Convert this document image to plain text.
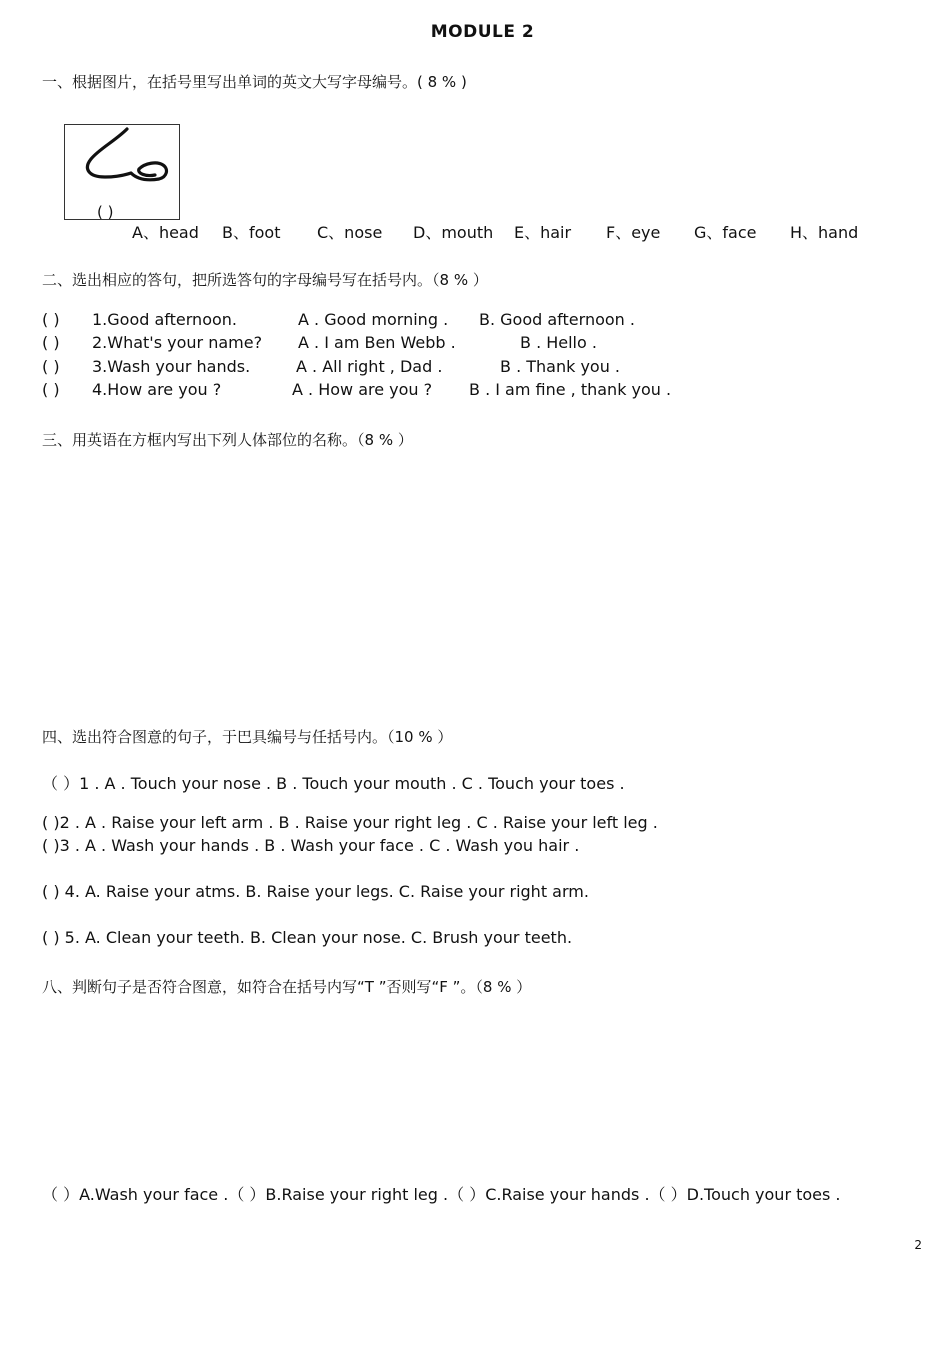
MODULE 2
一、根据图片，在括号里写出单词的英文大写字母编号。( 8 % )
( )
A、head B、foot C、nose D、mouth E、hair F、eye G、face H、hand
二、选出相应的答句，把所选答句的字母编号写在括号内。（8 % ）
( ) 1.Good afternoon.	A . Good morning . B. Good afternoon .
( ) 2.What's your name? A . I am Ben Webb .	B . Hello .
( ) 3.Wash your hands.	A . All right , Dad .	B . Thank you .
( ) 4.How are you ?	A . How are you ? B . I am fine , thank you .
三、用英语在方框内写出下列人体部位的名称。（8 % ）
四、选出符合图意的句子，于巴具编号与任括号内。（10 % ）
（ ）1 . A . Touch your nose . B . Touch your mouth . C . Touch your toes .
( )2 . A . Raise your left arm . B . Raise your right leg . C . Raise your left leg .
( )3 . A . Wash your hands . B . Wash your face . C . Wash you hair .
( ) 4. A. Raise your atms. B. Raise your legs. C. Raise your right arm.
( ) 5. A. Clean your teeth. B. Clean your nose. C. Brush your teeth.
八、判断句子是否符合图意，如符合在括号内写“T ”否则写“F ”。（8 % ）
（ ）A.Wash your face .（ ）B.Raise your right leg .（ ）C.Raise your hands .（ ）D.Touch your toes .
2
